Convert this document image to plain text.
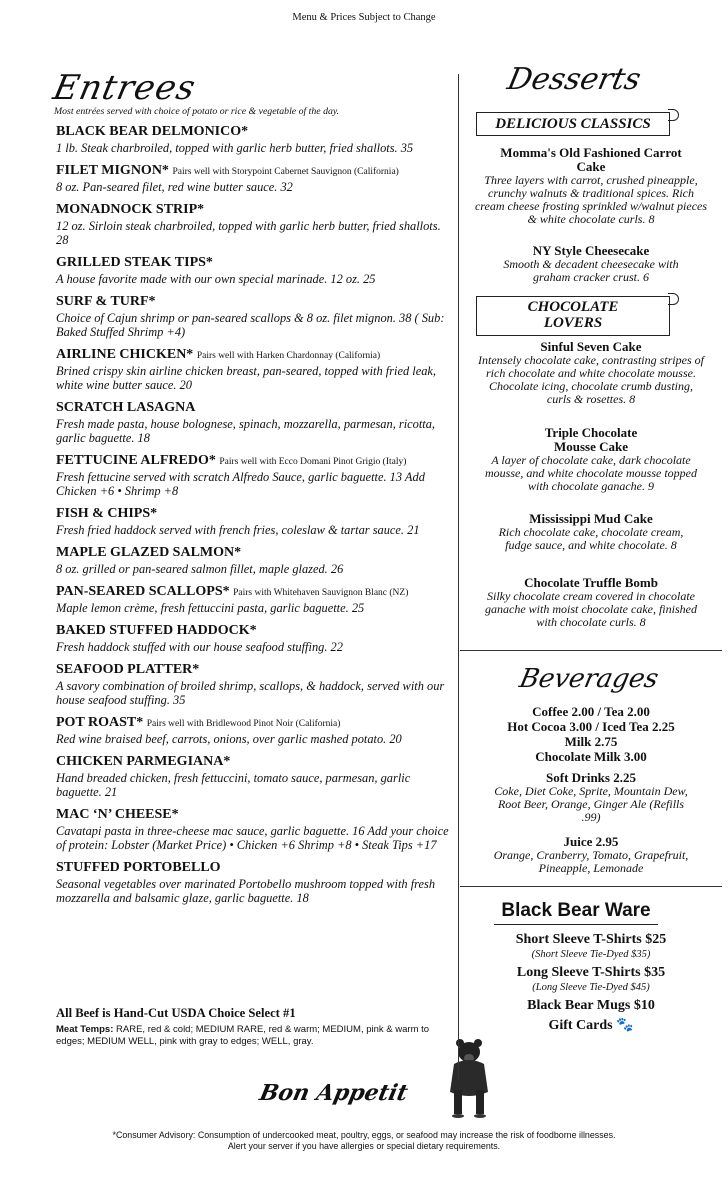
Menu & Prices Subject to Change
Entrees
Most entrées served with choice of potato or rice & vegetable of the day.
BLACK BEAR DELMONICO*
1 lb. Steak charbroiled, topped with garlic herb butter, fried shallots. 35
FILET MIGNON* Pairs well with Storypoint Cabernet Sauvignon (California)
8 oz. Pan-seared filet, red wine butter sauce. 32
MONADNOCK STRIP*
12 oz. Sirloin steak charbroiled, topped with garlic herb butter, fried shallots. 28
GRILLED STEAK TIPS*
A house favorite made with our own special marinade. 12 oz. 25
SURF & TURF*
Choice of Cajun shrimp or pan-seared scallops & 8 oz. filet mignon. 38 ( Sub: Baked Stuffed Shrimp +4)
AIRLINE CHICKEN* Pairs well with Harken Chardonnay (California)
Brined crispy skin airline chicken breast, pan-seared, topped with fried leak, white wine butter sauce. 20
SCRATCH LASAGNA
Fresh made pasta, house bolognese, spinach, mozzarella, parmesan, ricotta, garlic baguette. 18
FETTUCINE ALFREDO* Pairs well with Ecco Domani Pinot Grigio (Italy)
Fresh fettucine served with scratch Alfredo Sauce, garlic baguette. 13 Add Chicken +6 • Shrimp +8
FISH & CHIPS*
Fresh fried haddock served with french fries, coleslaw & tartar sauce. 21
MAPLE GLAZED SALMON*
8 oz. grilled or pan-seared salmon fillet, maple glazed. 26
PAN-SEARED SCALLOPS* Pairs with Whitehaven Sauvignon Blanc (NZ)
Maple lemon crème, fresh fettuccini pasta, garlic baguette. 25
BAKED STUFFED HADDOCK*
Fresh haddock stuffed with our house seafood stuffing. 22
SEAFOOD PLATTER*
A savory combination of broiled shrimp, scallops, & haddock, served with our house seafood stuffing. 35
POT ROAST* Pairs well with Bridlewood Pinot Noir (California)
Red wine braised beef, carrots, onions, over garlic mashed potato. 20
CHICKEN PARMEGIANA*
Hand breaded chicken, fresh fettuccini, tomato sauce, parmesan, garlic baguette. 21
MAC ‘N’ CHEESE*
Cavatapi pasta in three-cheese mac sauce, garlic baguette. 16 Add your choice of protein: Lobster (Market Price) • Chicken +6 Shrimp +8 • Steak Tips +17
STUFFED PORTOBELLO
Seasonal vegetables over marinated Portobello mushroom topped with fresh mozzarella and balsamic glaze, garlic baguette. 18
All Beef is Hand-Cut USDA Choice Select #1
Meat Temps: RARE, red & cold; MEDIUM RARE, red & warm; MEDIUM, pink & warm to edges; MEDIUM WELL, pink with gray to edges; WELL, gray.
Bon Appetit
*Consumer Advisory: Consumption of undercooked meat, poultry, eggs, or seafood may increase the risk of foodborne illnesses.
Alert your server if you have allergies or special dietary requirements.
Desserts
DELICIOUS CLASSICS
Momma's Old Fashioned Carrot Cake
Three layers with carrot, crushed pineapple, crunchy walnuts & traditional spices. Rich cream cheese frosting sprinkled w/walnut pieces & white chocolate curls. 8
NY Style Cheesecake
Smooth & decadent cheesecake with graham cracker crust. 6
CHOCOLATE
LOVERS
Sinful Seven Cake
Intensely chocolate cake, contrasting stripes of rich chocolate and white chocolate mousse. Chocolate icing, chocolate crumb dusting, curls & rosettes. 8
Triple Chocolate Mousse Cake
A layer of chocolate cake, dark chocolate mousse, and white chocolate mousse topped with chocolate ganache. 9
Mississippi Mud Cake
Rich chocolate cake, chocolate cream, fudge sauce, and white chocolate. 8
Chocolate Truffle Bomb
Silky chocolate cream covered in chocolate ganache with moist chocolate cake, finished with chocolate curls. 8
Beverages
Coffee 2.00 / Tea 2.00
Hot Cocoa 3.00 / Iced Tea 2.25
Milk 2.75
Chocolate Milk 3.00
Soft Drinks 2.25
Coke, Diet Coke, Sprite, Mountain Dew, Root Beer, Orange, Ginger Ale (Refills .99)
Juice 2.95
Orange, Cranberry, Tomato, Grapefruit, Pineapple, Lemonade
Black Bear Ware
Short Sleeve T-Shirts $25
(Short Sleeve Tie-Dyed $35)
Long Sleeve T-Shirts $35
(Long Sleeve Tie-Dyed $45)
Black Bear Mugs $10
Gift Cards 🐾
